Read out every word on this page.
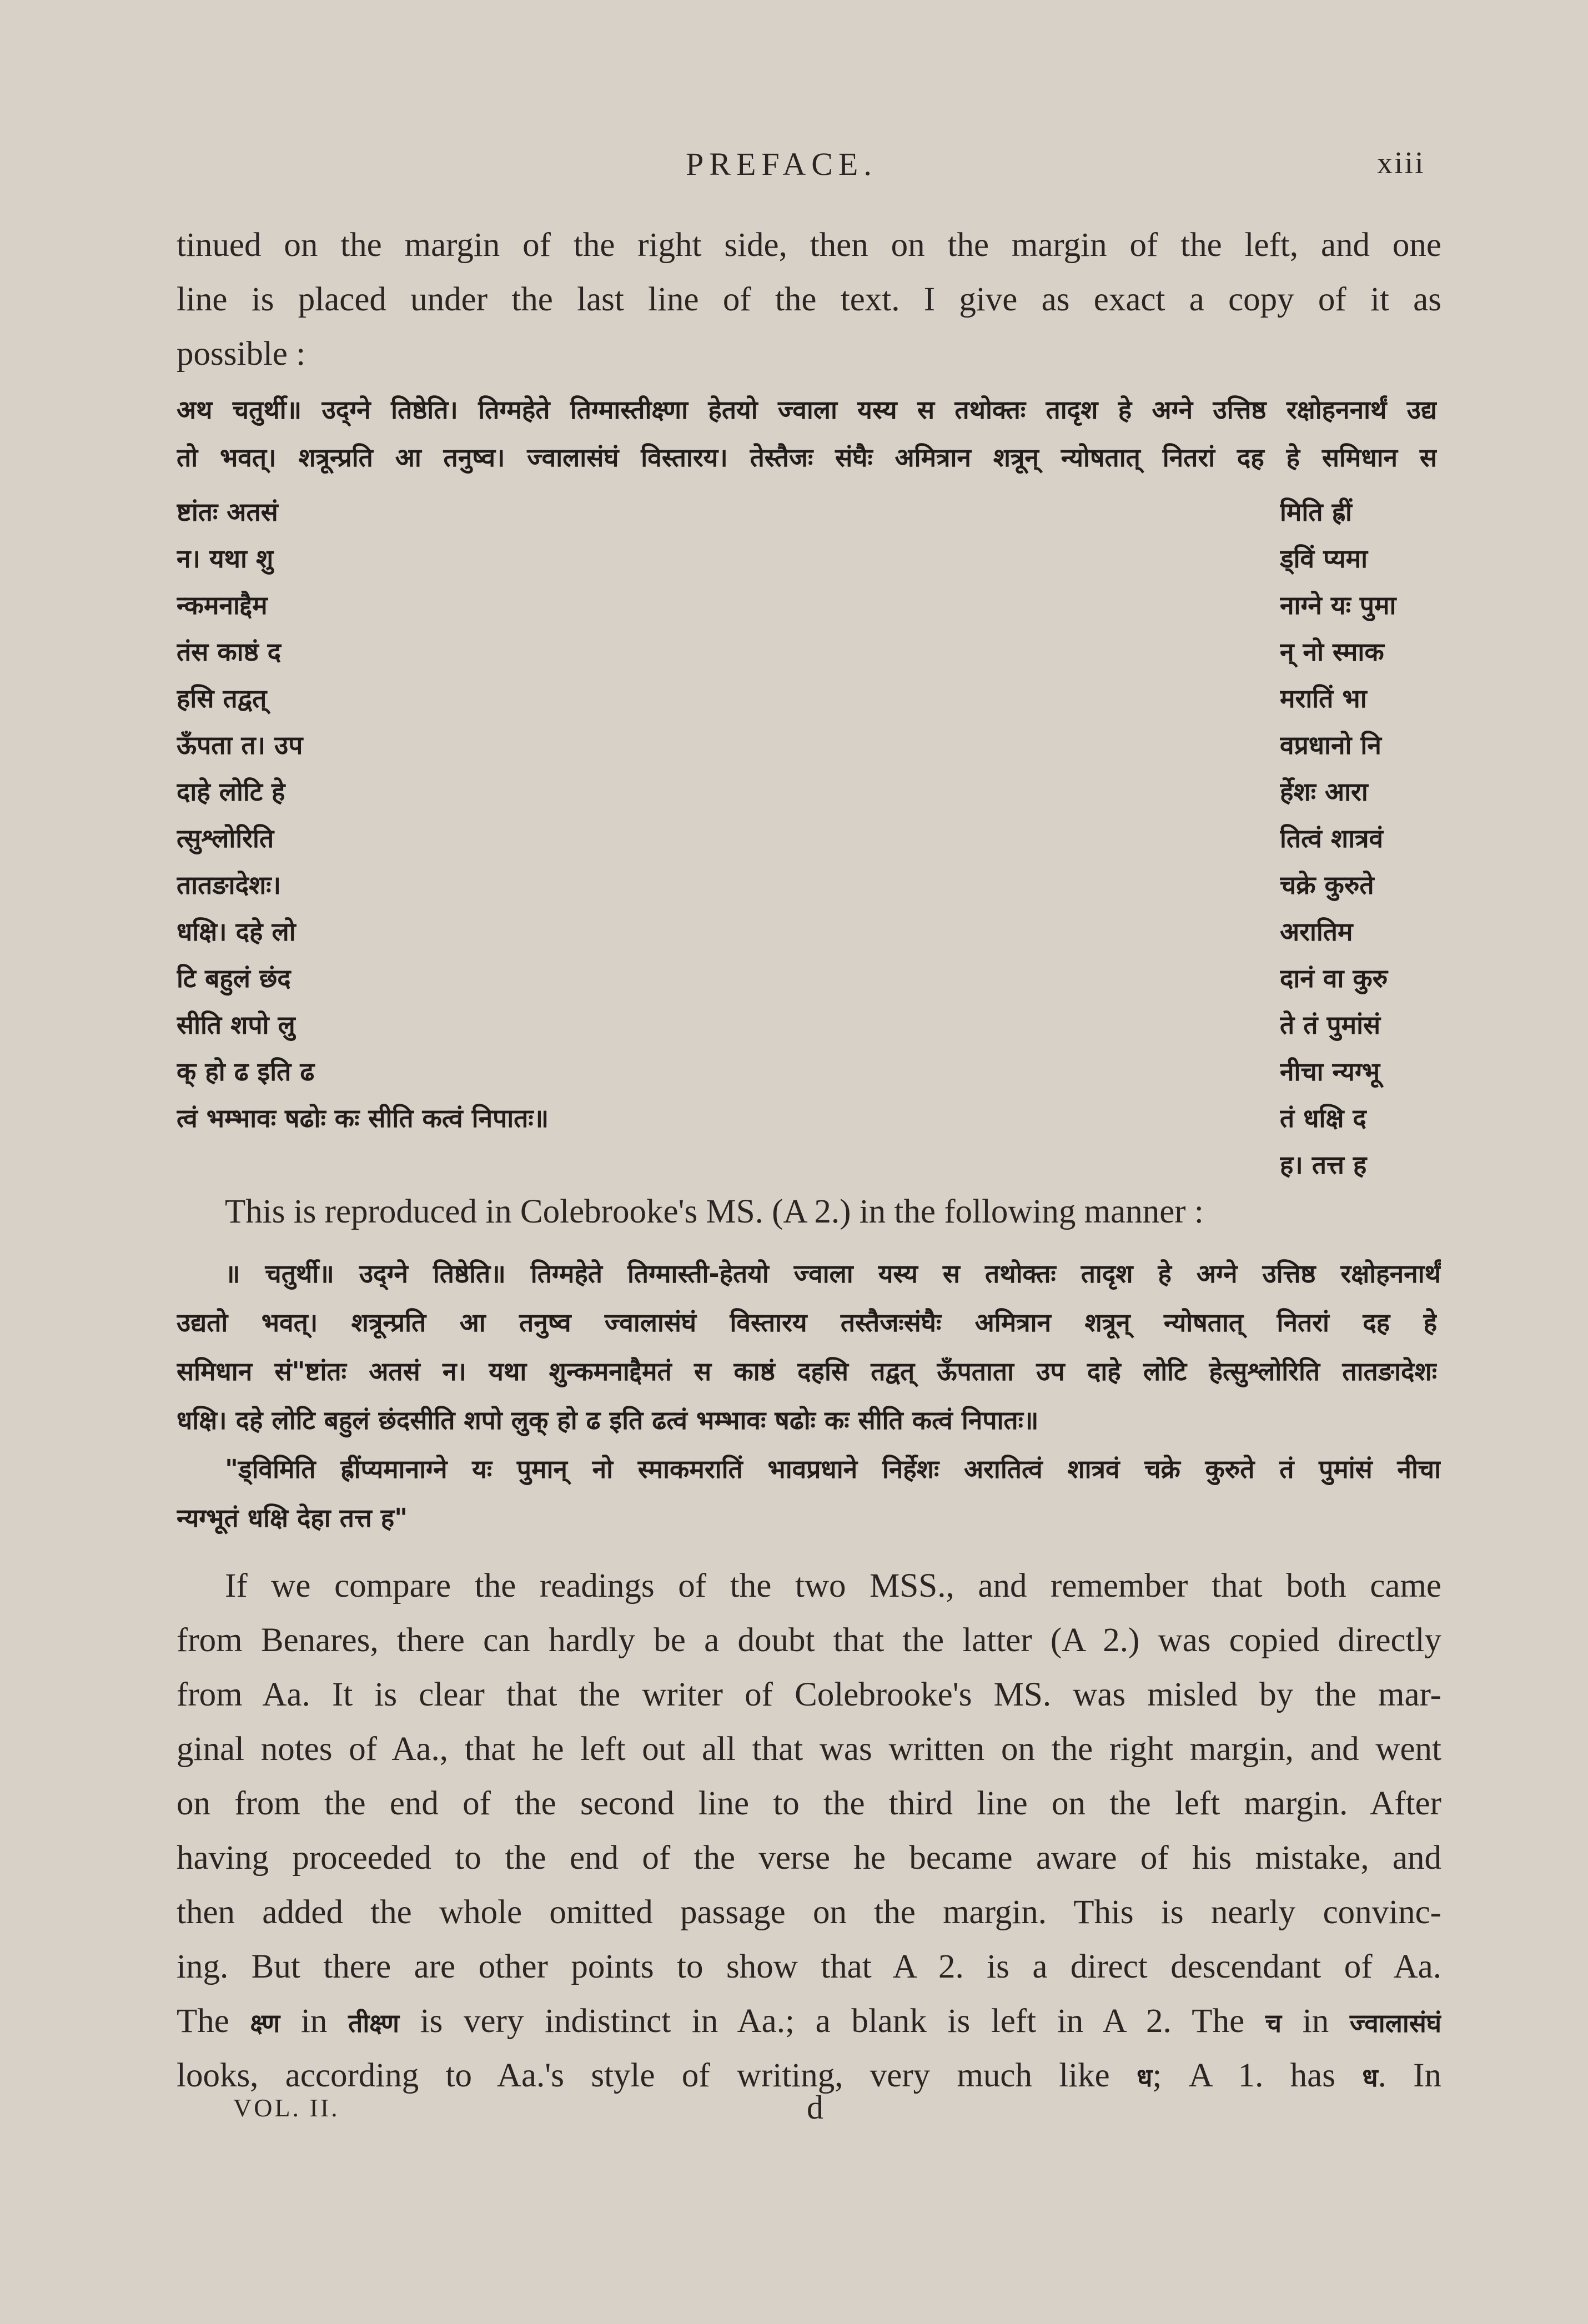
PREFACE.	xiii
tinued on the margin of the right side, then on the margin of the left, and one
line is placed under the last line of the text. I give as exact a copy of it as
possible :
अथ चतुर्थी॥ उद्ग्ने तिष्ठेति। तिग्महेते तिग्मास्तीक्ष्णा हेतयो ज्वाला यस्य स तथोक्तः तादृश हे अग्ने उत्तिष्ठ रक्षोहननार्थं उद्य
तो भवत्। शत्रून्प्रति आ तनुष्व। ज्वालासंघं विस्तारय। तेस्तैजः संघैः अमित्रान शत्रून् न्योषतात् नितरां दह हे समिधान स
ष्टांतः अतसं
न। यथा शु
न्कमनाद्दैम
तंस काष्ठं द
हसि तद्वत्
ऊँपता त। उप
दाहे लोटि हे
त्सुश्लोरिति
तातङादेशः।
धक्षि। दहे लो
टि बहुलं छंद
सीति शपो लु
क् हो ढ इति ढ
त्वं भम्भावः षढोः कः सीति कत्वं निपातः॥
मिति ह्रीं
ड्विं प्यमा
नाग्ने यः पुमा
न् नो स्माक
मरातिं भा
वप्रधानो नि
र्हेशः आरा
तित्वं शात्रवं
चक्रे कुरुते
अरातिम
दानं वा कुरु
ते तं पुमांसं
नीचा न्यग्भू
तं धक्षि द
ह। तत्त ह
This is reproduced in Colebrooke's MS. (A 2.) in the following manner :
॥ चतुर्थी॥ उद्ग्ने तिष्ठेति॥ तिग्महेते तिग्मास्ती-हेतयो ज्वाला यस्य स तथोक्तः तादृश हे अग्ने उत्तिष्ठ रक्षोहननार्थं
उद्यतो भवत्। शत्रून्प्रति आ तनुष्व ज्वालासंघं विस्तारय तस्तैजःसंघैः अमित्रान शत्रून् न्योषतात् नितरां दह हे
समिधान सं"ष्टांतः अतसं न। यथा शुन्कमनाद्दैमतं स काष्ठं दहसि तद्वत् ऊँपताता उप दाहे लोटि हेत्सुश्लोरिति तातङादेशः
धक्षि। दहे लोटि बहुलं छंदसीति शपो लुक् हो ढ इति ढत्वं भम्भावः षढोः कः सीति कत्वं निपातः॥
"ड्विमिति ह्रींप्यमानाग्ने यः पुमान् नो स्माकमरातिं भावप्रधाने निर्हेशः अरातित्वं शात्रवं चक्रे कुरुते तं पुमांसं नीचा
न्यग्भूतं धक्षि देहा तत्त ह"
If we compare the readings of the two MSS., and remember that both came
from Benares, there can hardly be a doubt that the latter (A 2.) was copied directly
from Aa. It is clear that the writer of Colebrooke's MS. was misled by the mar-
ginal notes of Aa., that he left out all that was written on the right margin, and went
on from the end of the second line to the third line on the left margin. After
having proceeded to the end of the verse he became aware of his mistake, and
then added the whole omitted passage on the margin. This is nearly convinc-
ing. But there are other points to show that A 2. is a direct descendant of Aa.
The क्ष्ण in तीक्ष्ण is very indistinct in Aa.; a blank is left in A 2. The च in ज्वालासंघं
looks, according to Aa.'s style of writing, very much like ध; A 1. has ध. In
VOL. II.	d
